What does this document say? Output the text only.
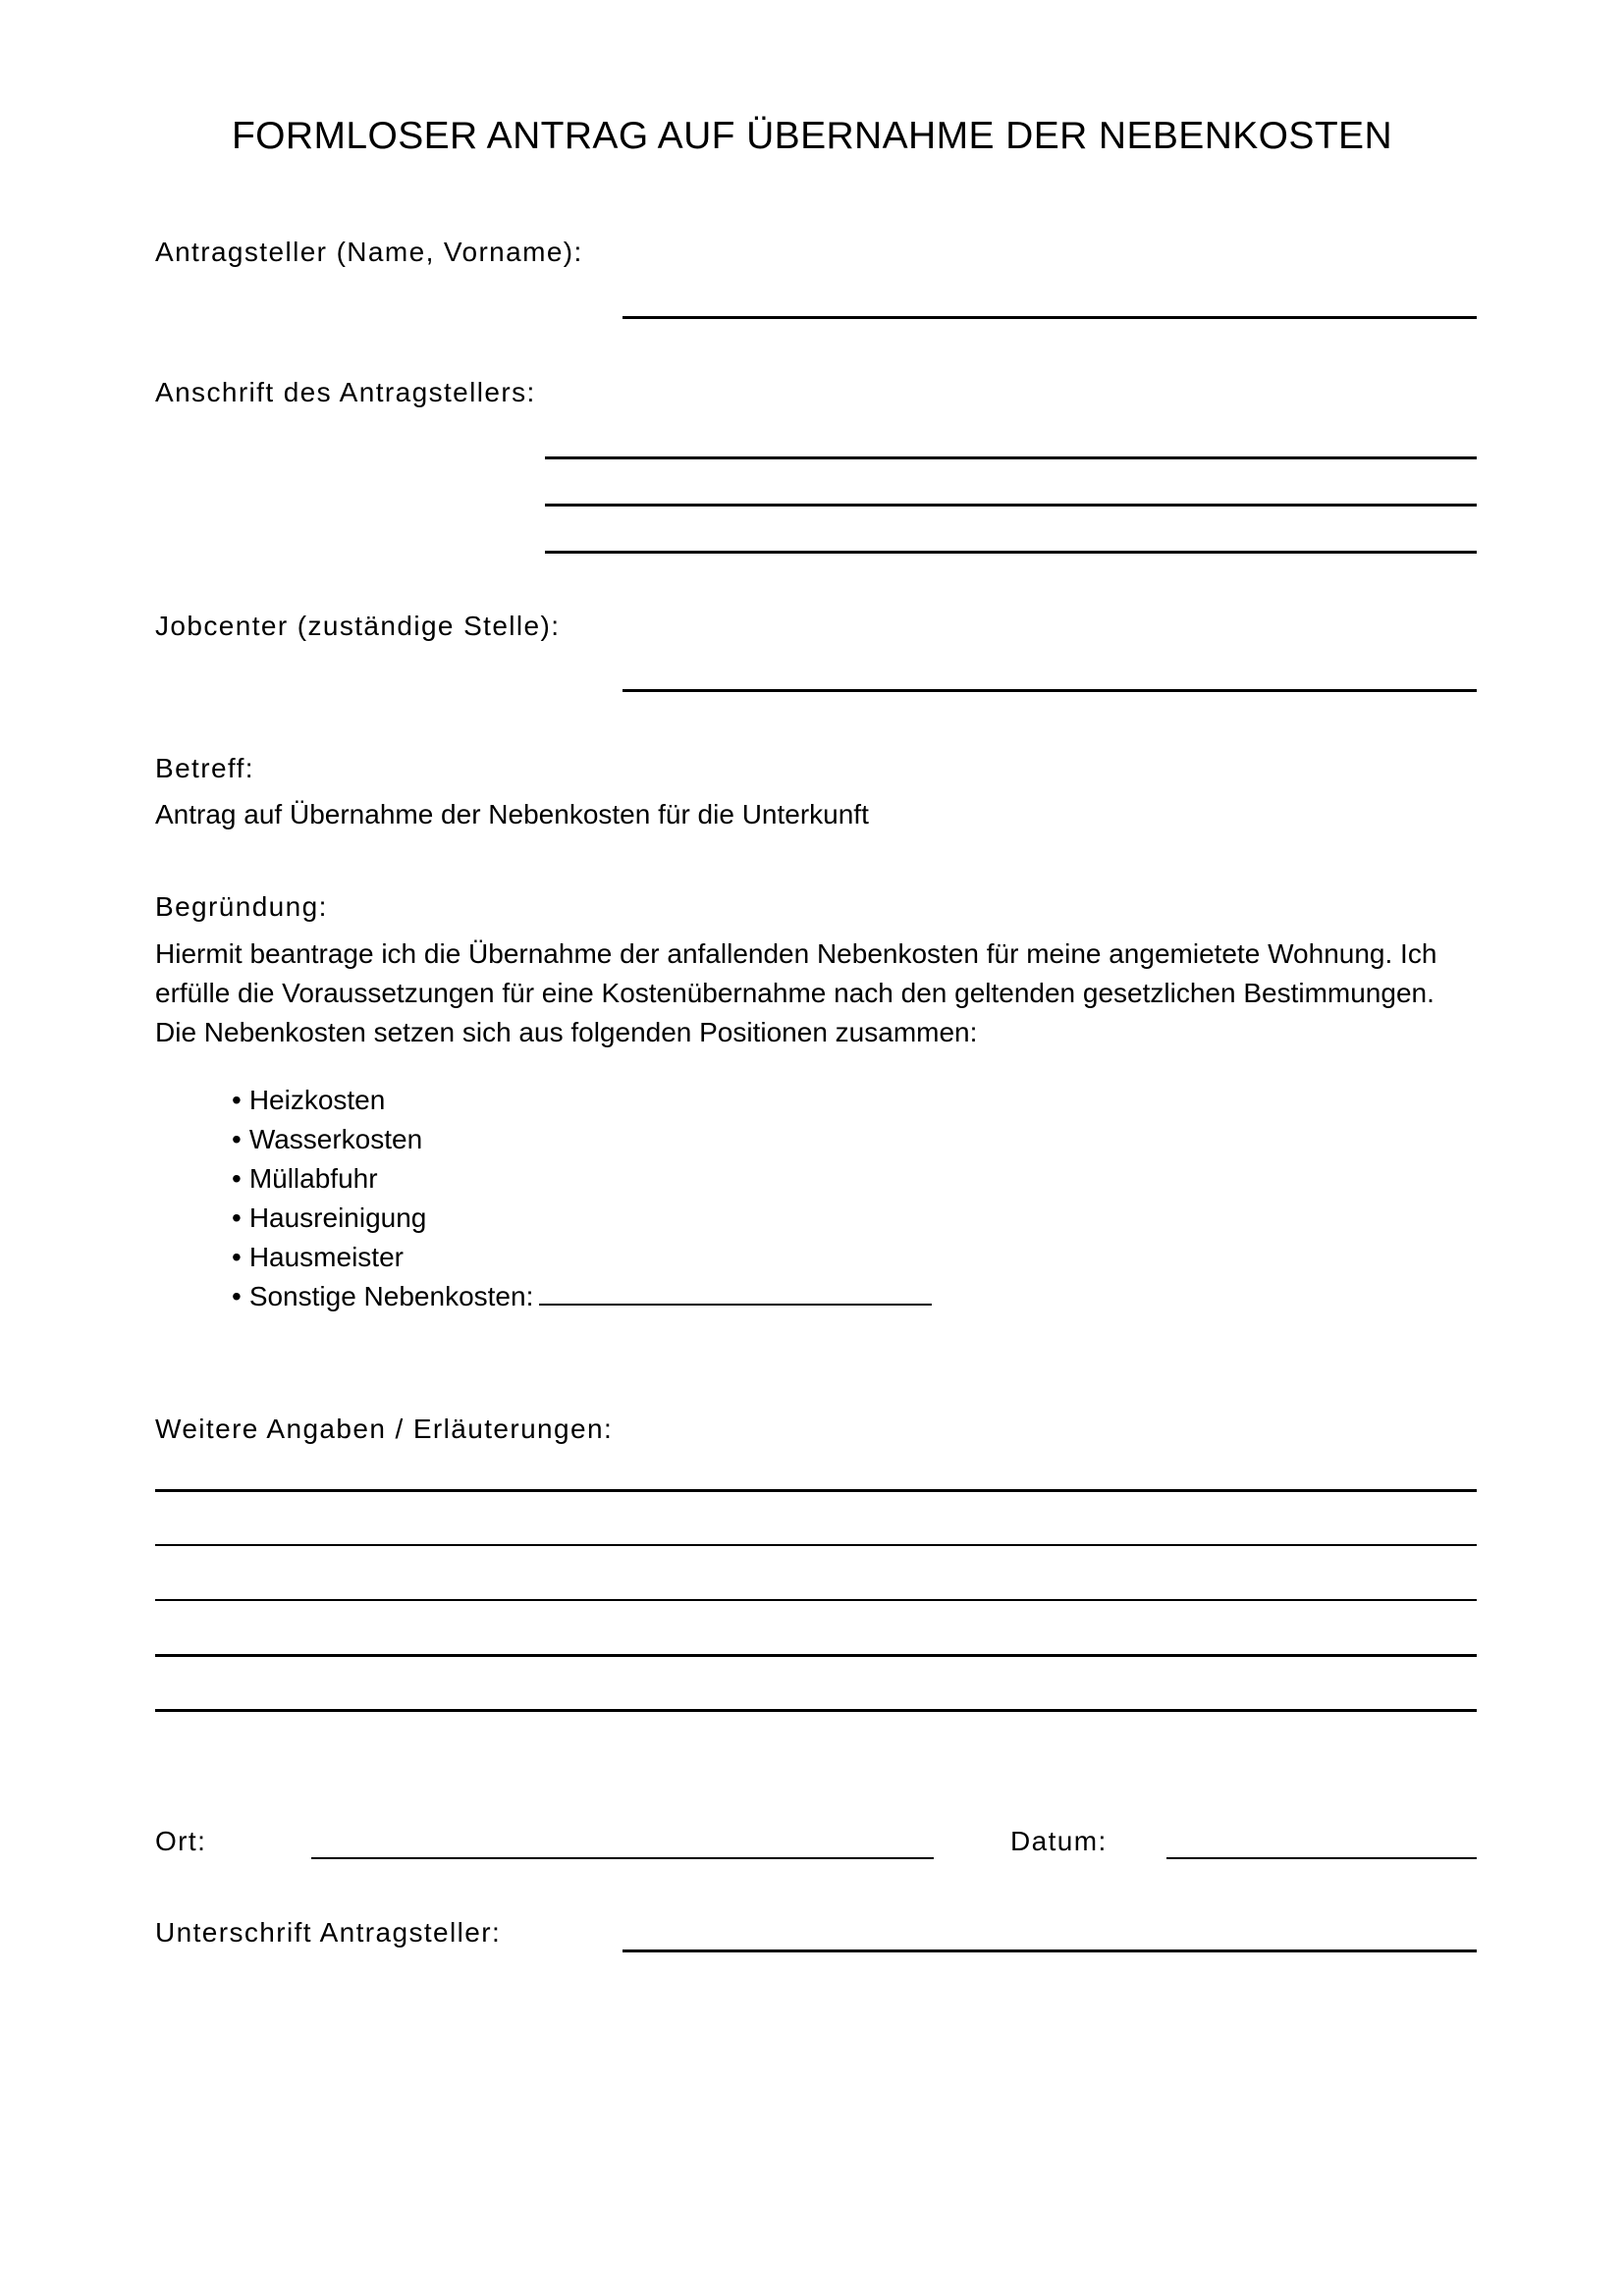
FORMLOSER ANTRAG AUF ÜBERNAHME DER NEBENKOSTEN
Antragsteller (Name, Vorname):
Anschrift des Antragstellers:
Jobcenter (zuständige Stelle):
Betreff:
Antrag auf Übernahme der Nebenkosten für die Unterkunft
Begründung:
Hiermit beantrage ich die Übernahme der anfallenden Nebenkosten für meine angemietete Wohnung. Ich
erfülle die Voraussetzungen für eine Kostenübernahme nach den geltenden gesetzlichen Bestimmungen.
Die Nebenkosten setzen sich aus folgenden Positionen zusammen:
• Heizkosten
• Wasserkosten
• Müllabfuhr
• Hausreinigung
• Hausmeister
• Sonstige Nebenkosten:
Weitere Angaben / Erläuterungen:
Ort:	Datum:
Unterschrift Antragsteller:
